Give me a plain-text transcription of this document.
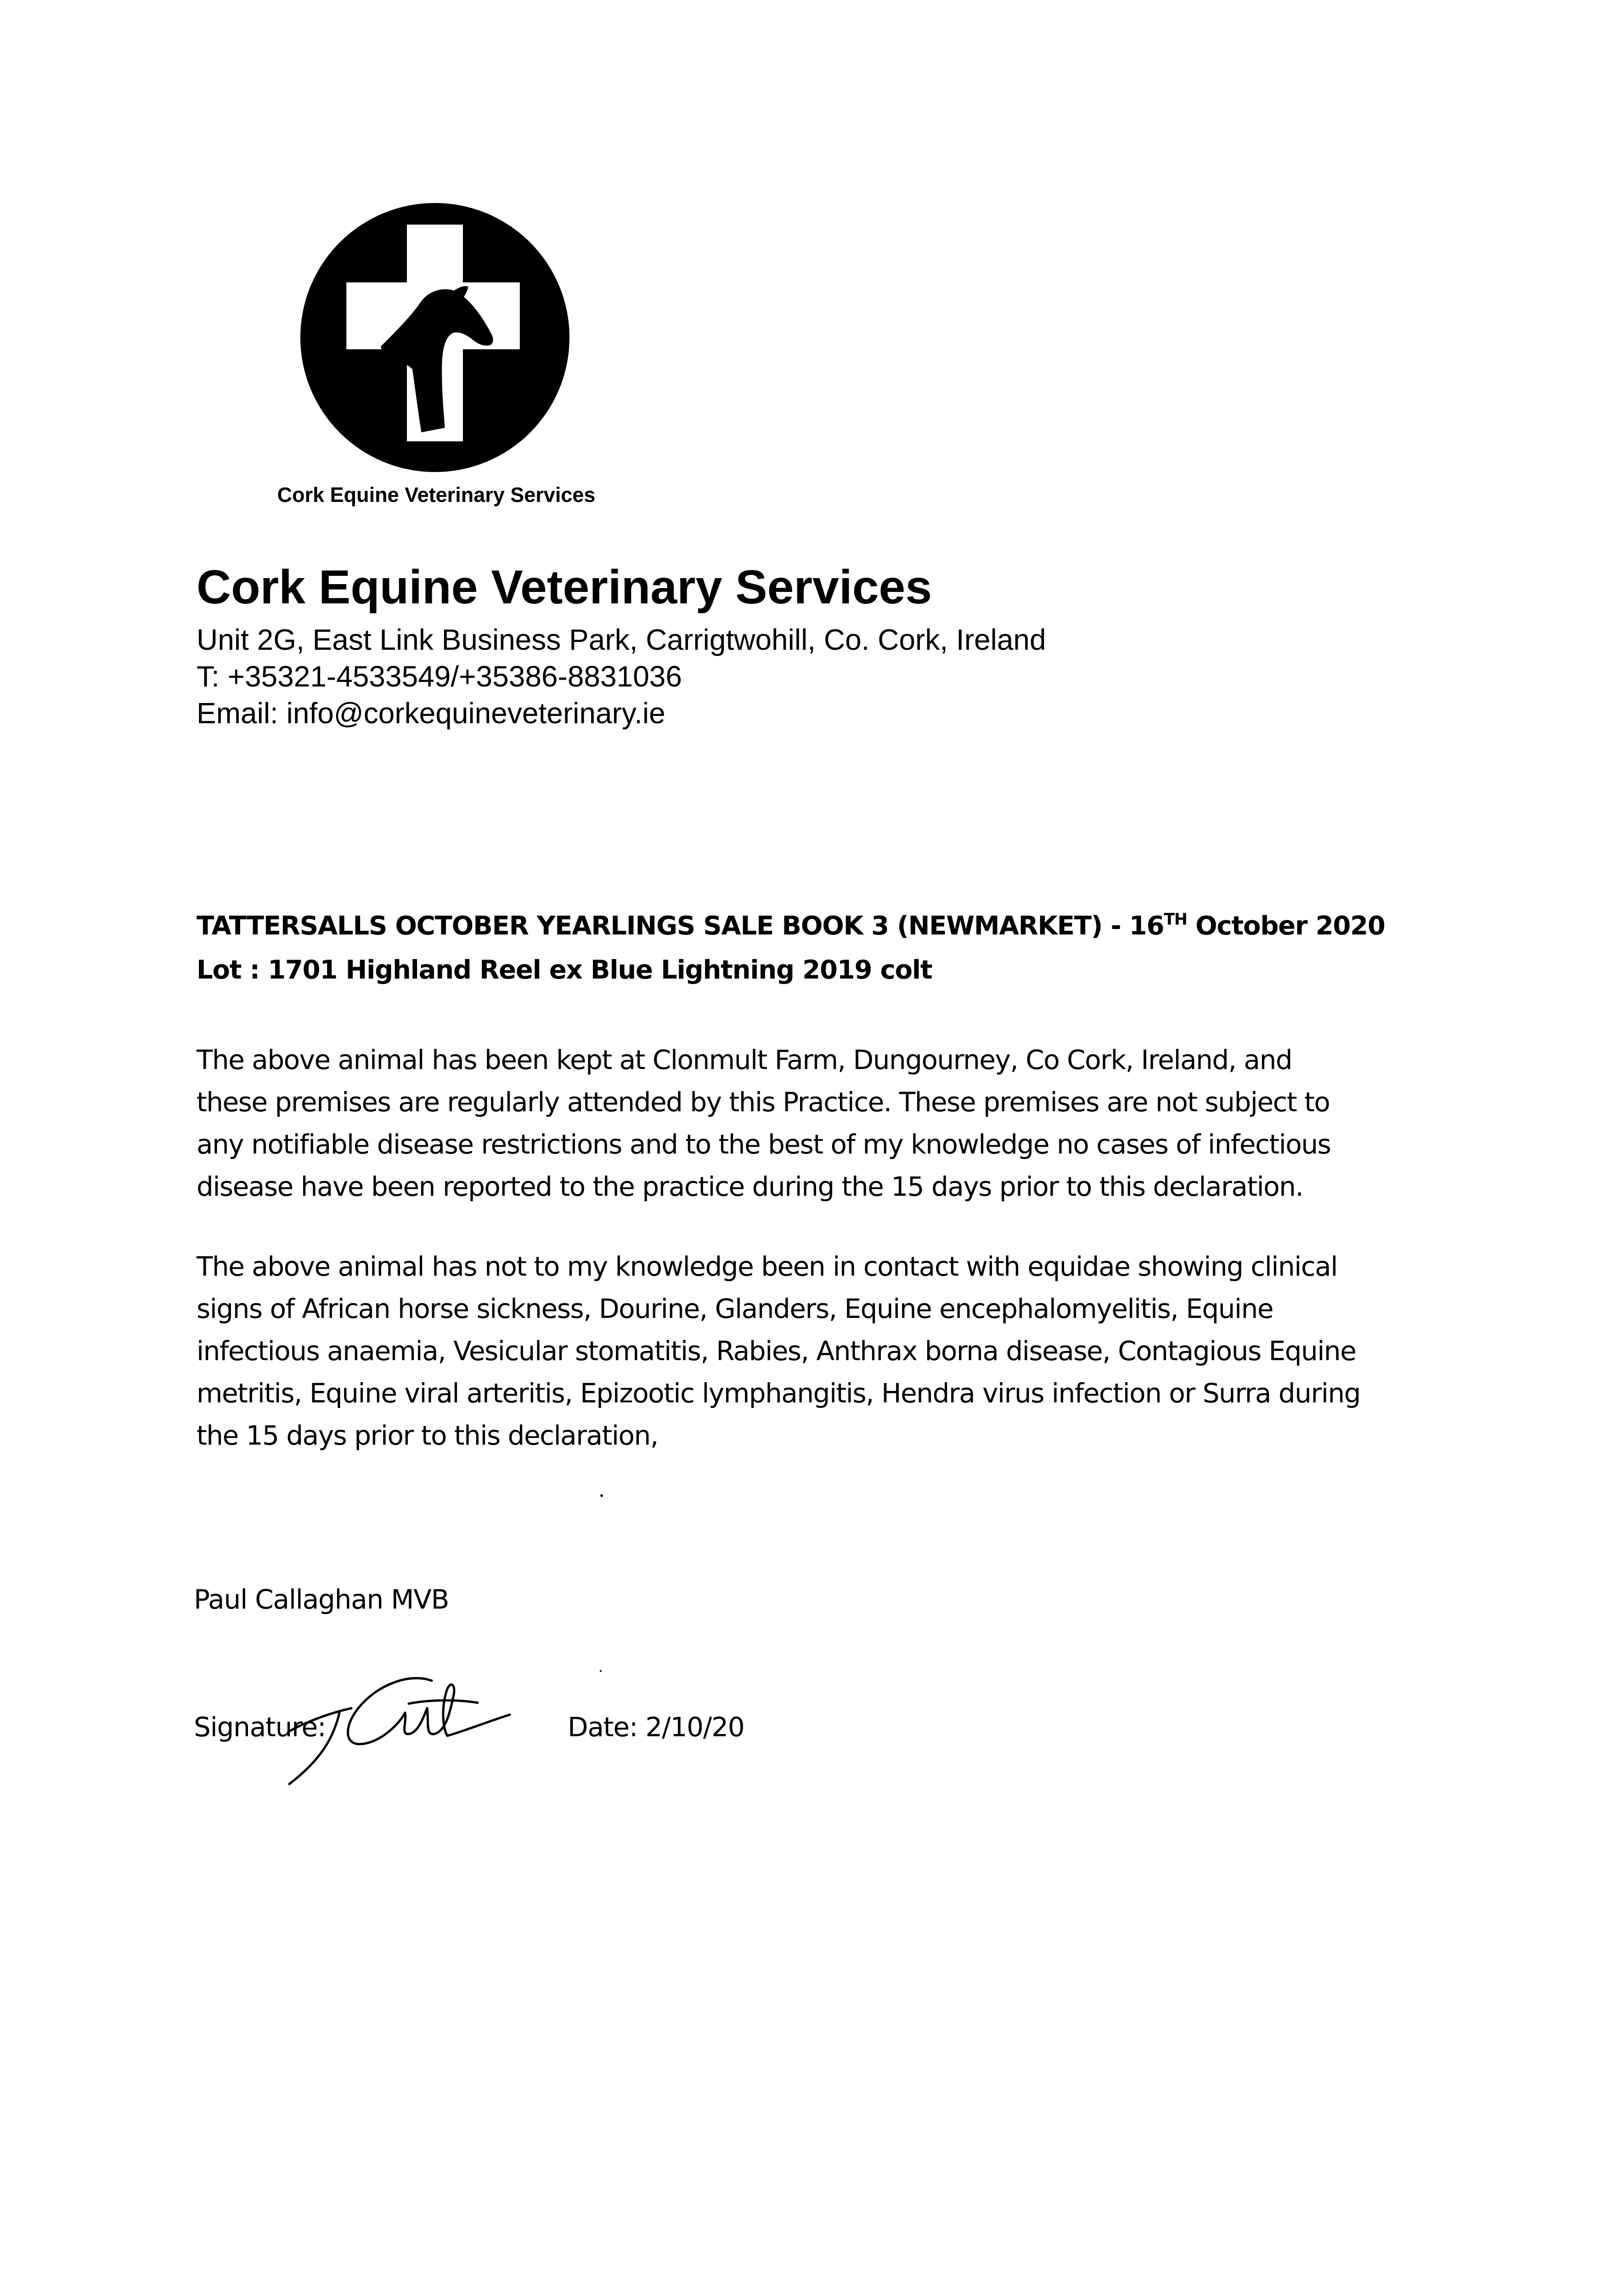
Cork Equine Veterinary Services
Cork Equine Veterinary Services
Unit 2G, East Link Business Park, Carrigtwohill, Co. Cork, Ireland
T: +35321-4533549/+35386-8831036
Email: info@corkequineveterinary.ie
TATTERSALLS OCTOBER YEARLINGS SALE BOOK 3 (NEWMARKET) - 16TH October 2020
Lot : 1701 Highland Reel ex Blue Lightning 2019 colt
The above animal has been kept at Clonmult Farm, Dungourney, Co Cork, Ireland, and
these premises are regularly attended by this Practice. These premises are not subject to
any notifiable disease restrictions and to the best of my knowledge no cases of infectious
disease have been reported to the practice during the 15 days prior to this declaration.
The above animal has not to my knowledge been in contact with equidae showing clinical
signs of African horse sickness, Dourine, Glanders, Equine encephalomyelitis, Equine
infectious anaemia, Vesicular stomatitis, Rabies, Anthrax borna disease, Contagious Equine
metritis, Equine viral arteritis, Epizootic lymphangitis, Hendra virus infection or Surra during
the 15 days prior to this declaration,
Paul Callaghan MVB
Signature:	Date: 2/10/20
